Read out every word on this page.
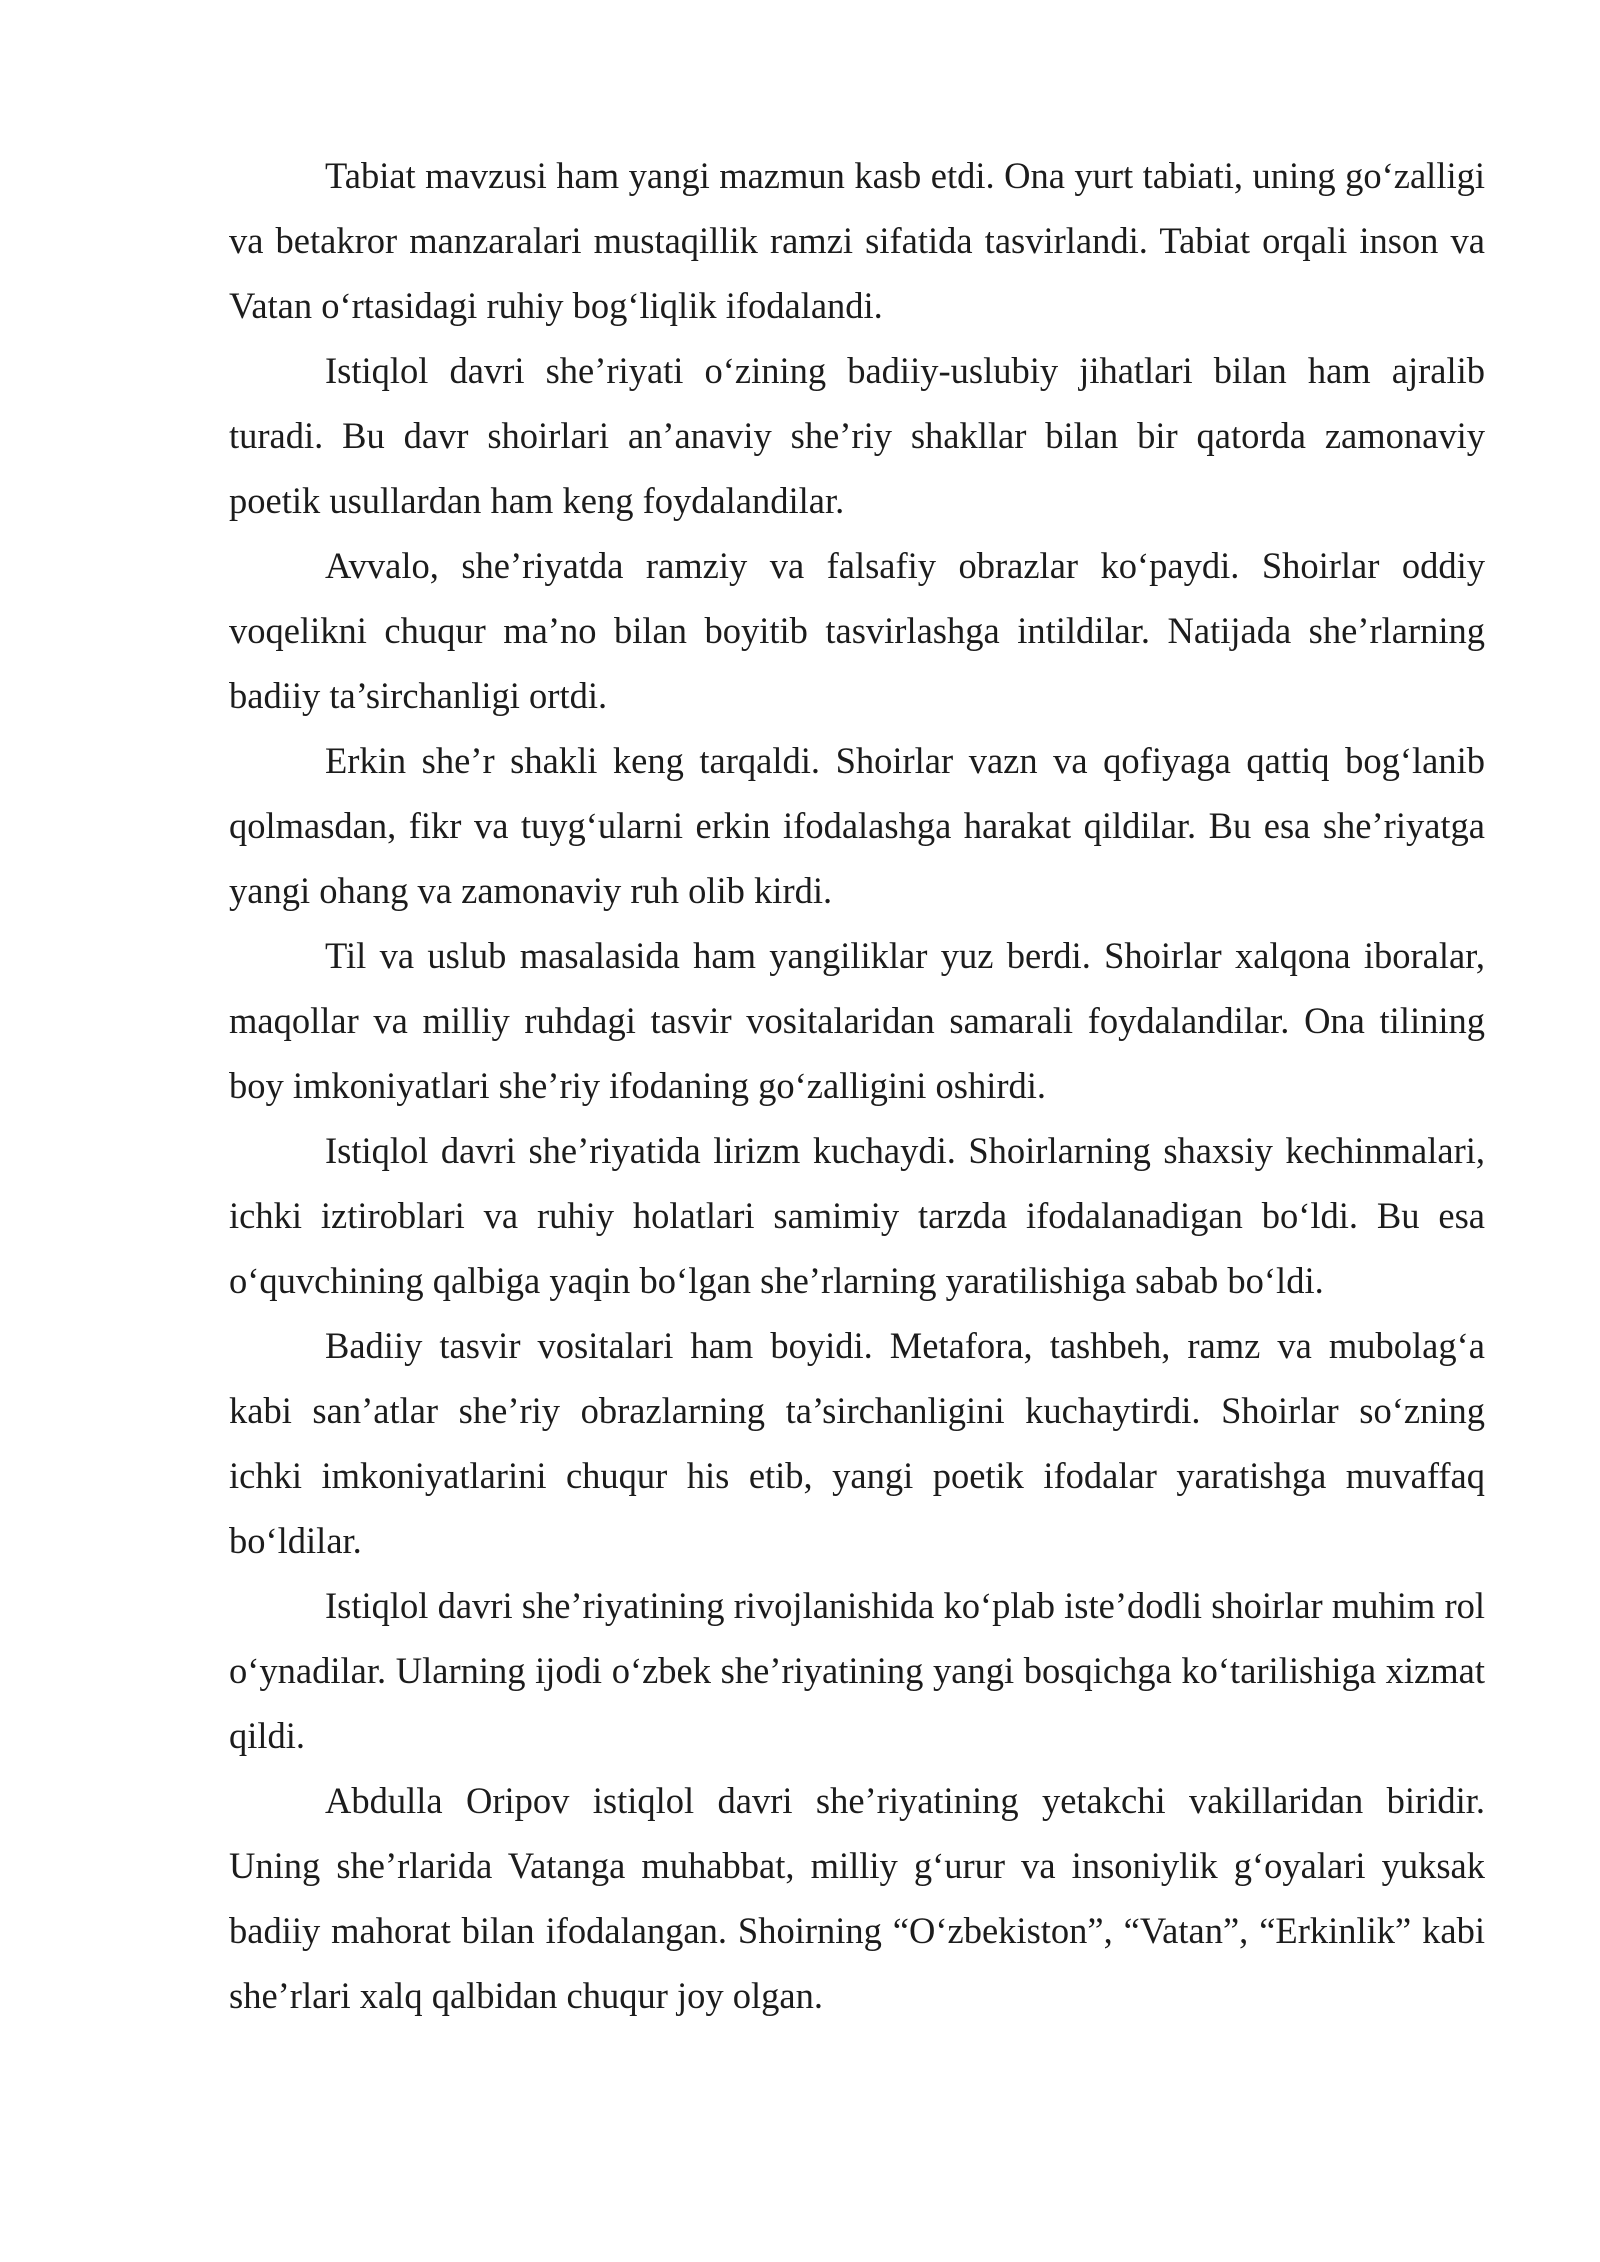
Tabiat mavzusi ham yangi mazmun kasb etdi. Ona yurt tabiati, uning go‘zalligi va betakror manzaralari mustaqillik ramzi sifatida tasvirlandi. Tabiat orqali inson va Vatan o‘rtasidagi ruhiy bog‘liqlik ifodalandi.

Istiqlol davri she’riyati o‘zining badiiy-uslubiy jihatlari bilan ham ajralib turadi. Bu davr shoirlari an’anaviy she’riy shakllar bilan bir qatorda zamonaviy poetik usullardan ham keng foydalandilar.

Avvalo, she’riyatda ramziy va falsafiy obrazlar ko‘paydi. Shoirlar oddiy voqelikni chuqur ma’no bilan boyitib tasvirlashga intildilar. Natijada she’rlarning badiiy ta’sirchanligi ortdi.

Erkin she’r shakli keng tarqaldi. Shoirlar vazn va qofiyaga qattiq bog‘lanib qolmasdan, fikr va tuyg‘ularni erkin ifodalashga harakat qildilar. Bu esa she’riyatga yangi ohang va zamonaviy ruh olib kirdi.

Til va uslub masalasida ham yangiliklar yuz berdi. Shoirlar xalqona iboralar, maqollar va milliy ruhdagi tasvir vositalaridan samarali foydalandilar. Ona tilining boy imkoniyatlari she’riy ifodaning go‘zalligini oshirdi.

Istiqlol davri she’riyatida lirizm kuchaydi. Shoirlarning shaxsiy kechinmalari, ichki iztiroblari va ruhiy holatlari samimiy tarzda ifodalanadigan bo‘ldi. Bu esa o‘quvchining qalbiga yaqin bo‘lgan she’rlarning yaratilishiga sabab bo‘ldi.

Badiiy tasvir vositalari ham boyidi. Metafora, tashbeh, ramz va mubolag‘a kabi san’atlar she’riy obrazlarning ta’sirchanligini kuchaytirdi. Shoirlar so‘zning ichki imkoniyatlarini chuqur his etib, yangi poetik ifodalar yaratishga muvaffaq bo‘ldilar.

Istiqlol davri she’riyatining rivojlanishida ko‘plab iste’dodli shoirlar muhim rol o‘ynadilar. Ularning ijodi o‘zbek she’riyatining yangi bosqichga ko‘tarilishiga xizmat qildi.

Abdulla Oripov istiqlol davri she’riyatining yetakchi vakillaridan biridir. Uning she’rlarida Vatanga muhabbat, milliy g‘urur va insoniylik g‘oyalari yuksak badiiy mahorat bilan ifodalangan. Shoirning “O‘zbekiston”, “Vatan”, “Erkinlik” kabi she’rlari xalq qalbidan chuqur joy olgan.
